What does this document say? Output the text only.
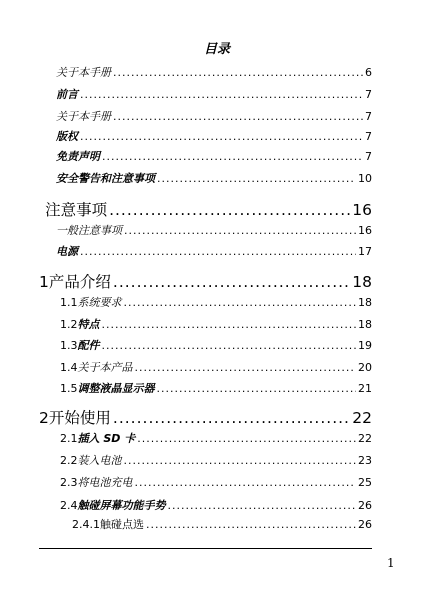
目录
关于本手册 .....	6
前言 .....	7
关于本手册 .....	7
版权 .....	7
免责声明 .....	7
安全警告和注意事项 .....	10
注意事项 .....	16
一般注意事项 .....	16
电源 .....	17
1 产品介绍 .....	18
1.1 系统要求 .....	18
1.2 特点 .....	18
1.3 配件 .....	19
1.4 关于本产品 .....	20
1.5 调整液晶显示器 .....	21
2 开始使用 .....	22
2.1 插入 SD 卡 .....	22
2.2 装入电池 .....	23
2.3 将电池充电 .....	25
2.4 触碰屏幕功能手势 .....	26
2.4.1 触碰点选 .....	26
1
